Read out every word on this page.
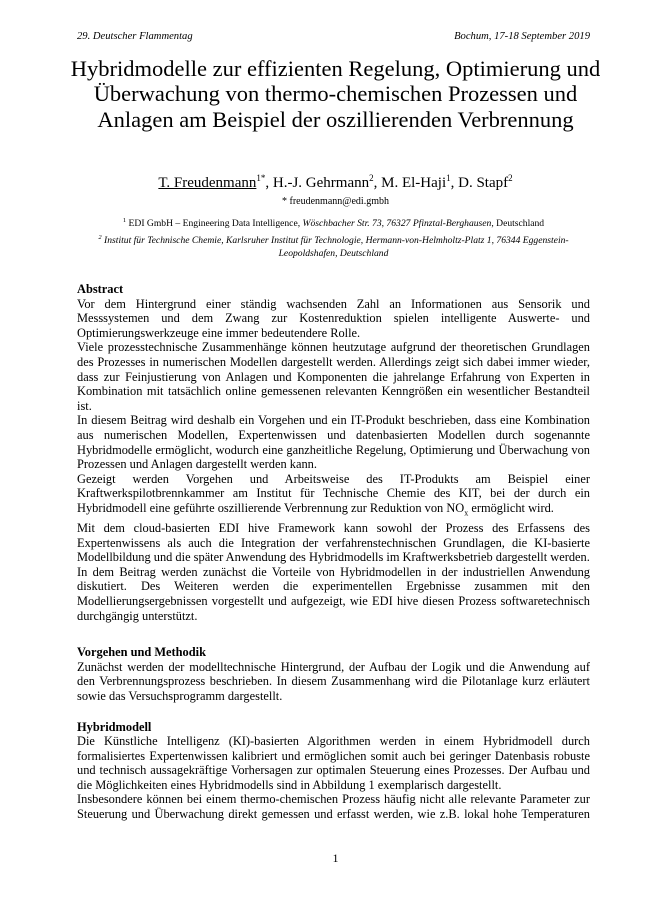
29. Deutscher Flammentag	Bochum, 17-18 September 2019
Hybridmodelle zur effizienten Regelung, Optimierung und Überwachung von thermo-chemischen Prozessen und Anlagen am Beispiel der oszillierenden Verbrennung
T. Freudenmann$^{1*}$, H.-J. Gehrmann$^2$, M. El-Haji$^1$, D. Stapf$^2$
* freudenmann@edi.gmbh
$^1$ EDI GmbH – Engineering Data Intelligence, Wöschbacher Str. 73, 76327 Pfinztal-Berghausen, Deutschland
$^2$ Institut für Technische Chemie, Karlsruher Institut für Technologie, Hermann-von-Helmholtz-Platz 1, 76344 Eggenstein-Leopoldshafen, Deutschland
Abstract

Vor dem Hintergrund einer ständig wachsenden Zahl an Informationen aus Sensorik und Messsystemen und dem Zwang zur Kostenreduktion spielen intelligente Auswerte- und Optimierungswerkzeuge eine immer bedeutendere Rolle.

Viele prozesstechnische Zusammenhänge können heutzutage aufgrund der theoretischen Grundlagen des Prozesses in numerischen Modellen dargestellt werden. Allerdings zeigt sich dabei immer wieder, dass zur Feinjustierung von Anlagen und Komponenten die jahrelange Erfahrung von Experten in Kombination mit tatsächlich online gemessenen relevanten Kenngrößen ein wesentlicher Bestandteil ist.

In diesem Beitrag wird deshalb ein Vorgehen und ein IT-Produkt beschrieben, dass eine Kombination aus numerischen Modellen, Expertenwissen und datenbasierten Modellen durch sogenannte Hybridmodelle ermöglicht, wodurch eine ganzheitliche Regelung, Optimierung und Überwachung von Prozessen und Anlagen dargestellt werden kann.

Gezeigt werden Vorgehen und Arbeitsweise des IT-Produkts am Beispiel einer Kraftwerkspilotbrennkammer am Institut für Technische Chemie des KIT, bei der durch ein Hybridmodell eine geführte oszillierende Verbrennung zur Reduktion von $NO_x$ ermöglicht wird.

Mit dem cloud-basierten EDI hive Framework kann sowohl der Prozess des Erfassens des Expertenwissens als auch die Integration der verfahrenstechnischen Grundlagen, die KI-basierte Modellbildung und die später Anwendung des Hybridmodells im Kraftwerksbetrieb dargestellt werden.

In dem Beitrag werden zunächst die Vorteile von Hybridmodellen in der industriellen Anwendung diskutiert. Des Weiteren werden die experimentellen Ergebnisse zusammen mit den Modellierungsergebnissen vorgestellt und aufgezeigt, wie EDI hive diesen Prozess softwaretechnisch durchgängig unterstützt.

Vorgehen und Methodik

Zunächst werden der modelltechnische Hintergrund, der Aufbau der Logik und die Anwendung auf den Verbrennungsprozess beschrieben. In diesem Zusammenhang wird die Pilotanlage kurz erläutert sowie das Versuchsprogramm dargestellt.

Hybridmodell

Die Künstliche Intelligenz (KI)-basierten Algorithmen werden in einem Hybridmodell durch formalisiertes Expertenwissen kalibriert und ermöglichen somit auch bei geringer Datenbasis robuste und technisch aussagekräftige Vorhersagen zur optimalen Steuerung eines Prozesses. Der Aufbau und die Möglichkeiten eines Hybridmodells sind in Abbildung 1 exemplarisch dargestellt.

Insbesondere können bei einem thermo-chemischen Prozess häufig nicht alle relevante Parameter zur Steuerung und Überwachung direkt gemessen und erfasst werden, wie z.B. lokal hohe Temperaturen

1
